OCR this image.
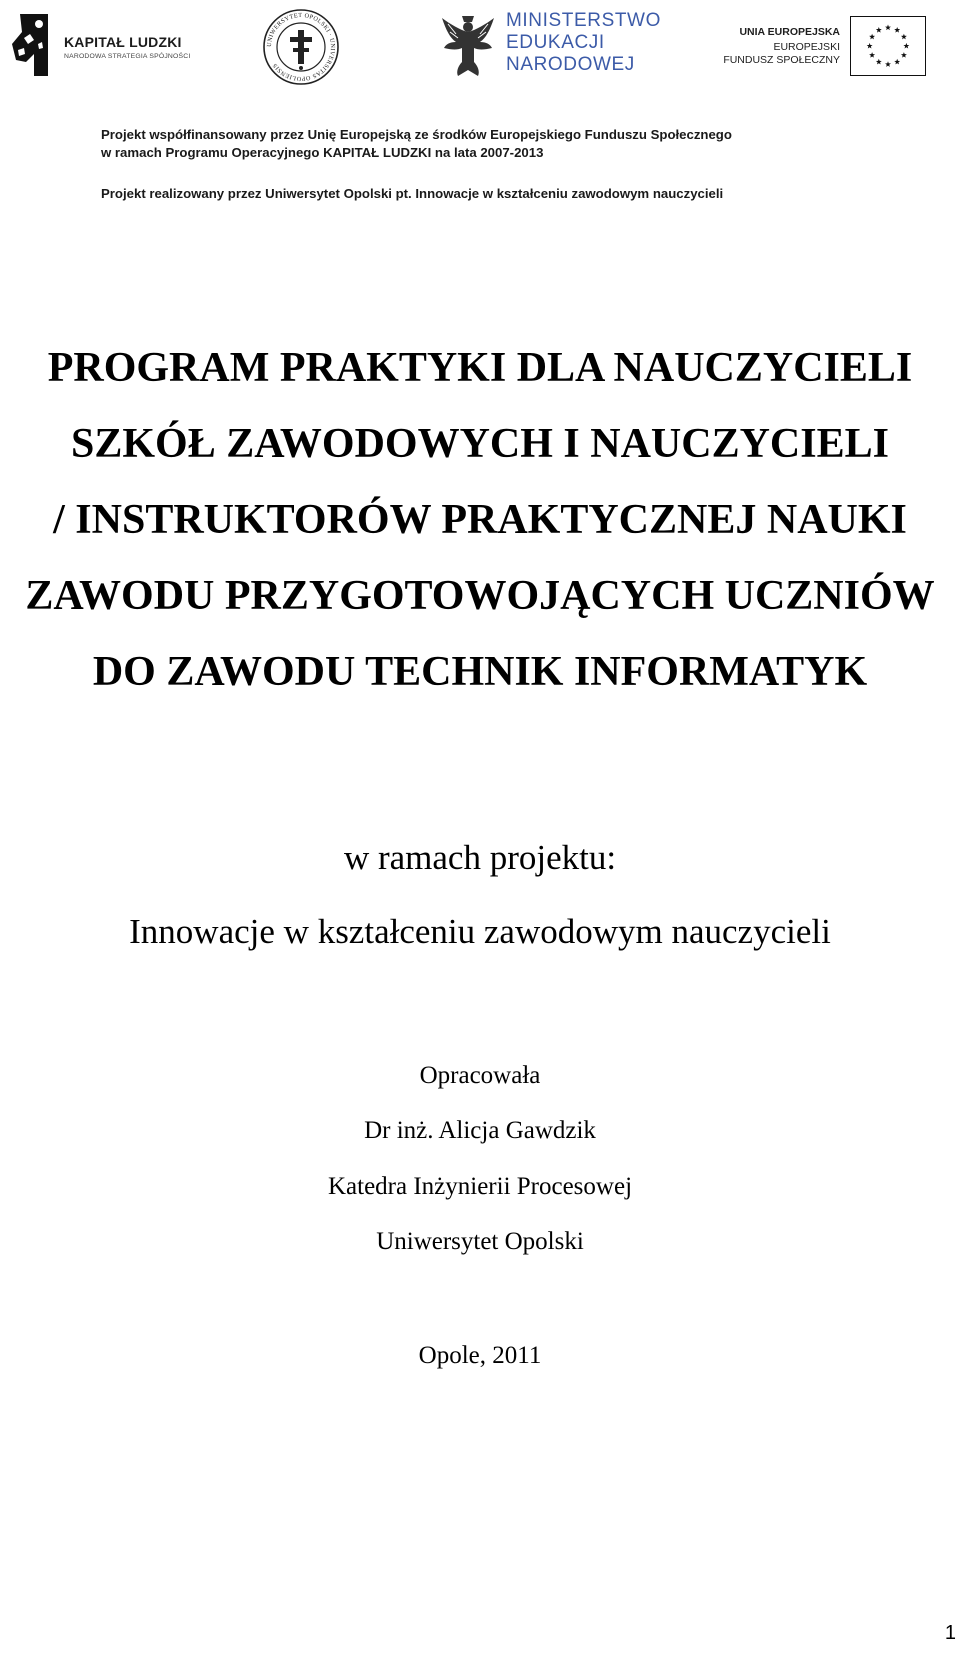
KAPITAŁ LUDZKI
NARODOWA STRATEGIA SPÓJNOŚCI
UNIWERSYTET OPOLSKI · UNIVERSITAS OPOLIENSIS
MINISTERSTWO
EDUKACJI
NARODOWEJ
UNIA EUROPEJSKA
EUROPEJSKI
FUNDUSZ SPOŁECZNY
Projekt współfinansowany przez Unię Europejską ze środków Europejskiego Funduszu Społecznego
w ramach Programu Operacyjnego KAPITAŁ LUDZKI na lata 2007-2013
Projekt realizowany przez Uniwersytet Opolski pt. Innowacje w kształceniu zawodowym nauczycieli
PROGRAM PRAKTYKI DLA NAUCZYCIELI
SZKÓŁ ZAWODOWYCH I NAUCZYCIELI
/ INSTRUKTORÓW PRAKTYCZNEJ NAUKI
ZAWODU PRZYGOTOWOJĄCYCH UCZNIÓW
DO ZAWODU TECHNIK INFORMATYK
w ramach projektu:
Innowacje w kształceniu zawodowym nauczycieli
Opracowała
Dr inż. Alicja Gawdzik
Katedra Inżynierii Procesowej
Uniwersytet Opolski
Opole, 2011
1
